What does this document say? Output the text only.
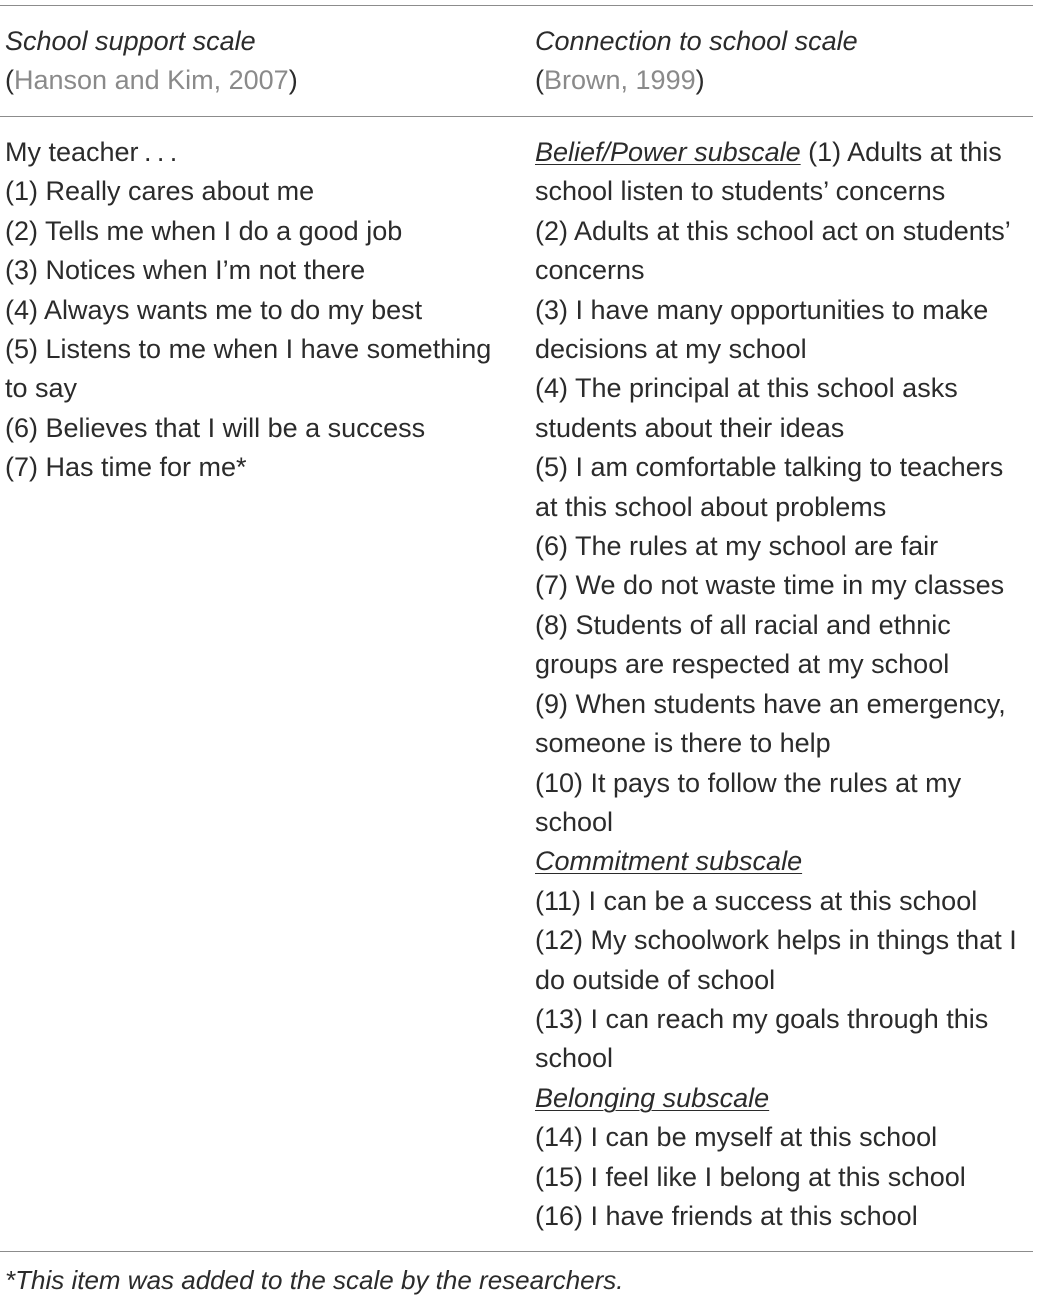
School support scale
(Hanson and Kim, 2007)
Connection to school scale
(Brown, 1999)
My teacher . . .
(1) Really cares about me
(2) Tells me when I do a good job
(3) Notices when I’m not there
(4) Always wants me to do my best
(5) Listens to me when I have something to say
(6) Believes that I will be a success
(7) Has time for me*
Belief/Power subscale (1) Adults at this school listen to students’ concerns
(2) Adults at this school act on students’ concerns
(3) I have many opportunities to make decisions at my school
(4) The principal at this school asks students about their ideas
(5) I am comfortable talking to teachers at this school about problems
(6) The rules at my school are fair
(7) We do not waste time in my classes
(8) Students of all racial and ethnic groups are respected at my school
(9) When students have an emergency, someone is there to help
(10) It pays to follow the rules at my school
Commitment subscale
(11) I can be a success at this school
(12) My schoolwork helps in things that I do outside of school
(13) I can reach my goals through this school
Belonging subscale
(14) I can be myself at this school
(15) I feel like I belong at this school
(16) I have friends at this school
*This item was added to the scale by the researchers.
